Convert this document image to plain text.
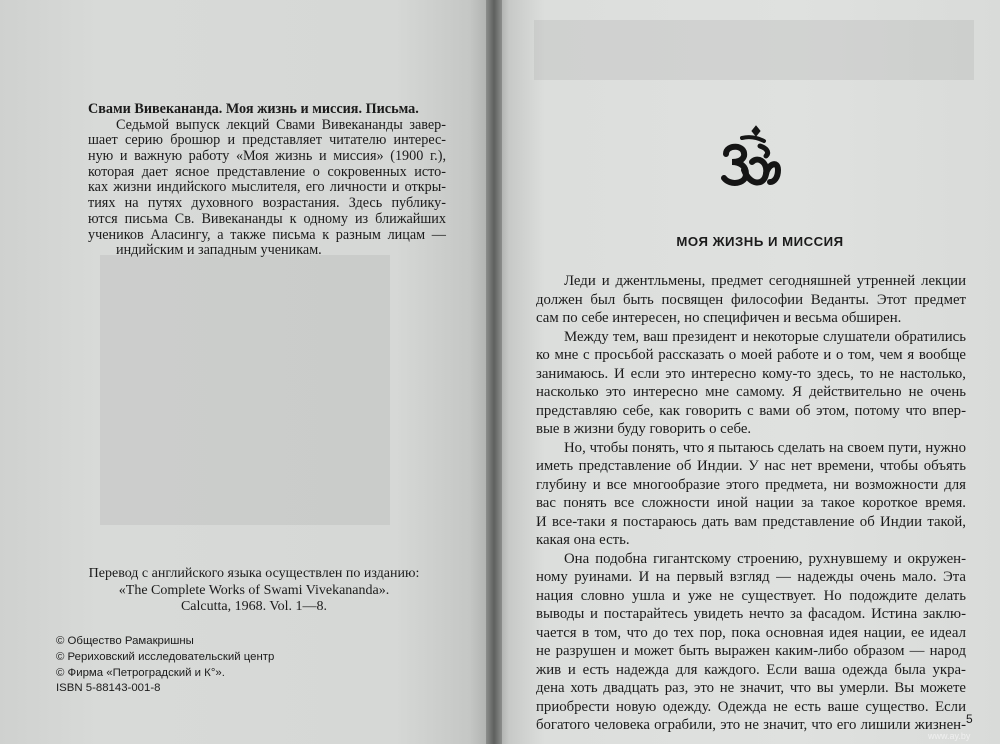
Свами Вивекананда. Моя жизнь и миссия. Письма.
Седьмой выпуск лекций Свами Вивекананды завер-
шает серию брошюр и представляет читателю интерес-
ную и важную работу «Моя жизнь и миссия» (1900 г.),
которая дает ясное представление о сокровенных исто-
ках жизни индийского мыслителя, его личности и откры-
тиях на путях духовного возрастания. Здесь публику-
ются письма Св. Вивекананды к одному из ближайших
учеников Аласингу, а также письма к разным лицам —
индийским и западным ученикам.
Перевод с английского языка осуществлен по изданию:
«The Complete Works of Swami Vivekananda».
Calcutta, 1968. Vol. 1—8.
© Общество Рамакришны
© Рериховский исследовательский центр
© Фирма «Петроградский и К°».
ISBN 5-88143-001-8
МОЯ ЖИЗНЬ И МИССИЯ
Леди и джентльмены, предмет сегодняшней утренней лекции
должен был быть посвящен философии Веданты. Этот предмет
сам по себе интересен, но специфичен и весьма обширен.
Между тем, ваш президент и некоторые слушатели обратились
ко мне с просьбой рассказать о моей работе и о том, чем я вообще
занимаюсь. И если это интересно кому-то здесь, то не настолько,
насколько это интересно мне самому. Я действительно не очень
представляю себе, как говорить с вами об этом, потому что впер-
вые в жизни буду говорить о себе.
Но, чтобы понять, что я пытаюсь сделать на своем пути, нужно
иметь представление об Индии. У нас нет времени, чтобы объять
глубину и все многообразие этого предмета, ни возможности для
вас понять все сложности иной нации за такое короткое время.
И все-таки я постараюсь дать вам представление об Индии такой,
какая она есть.
Она подобна гигантскому строению, рухнувшему и окружен-
ному руинами. И на первый взгляд — надежды очень мало. Эта
нация словно ушла и уже не существует. Но подождите делать
выводы и постарайтесь увидеть нечто за фасадом. Истина заклю-
чается в том, что до тех пор, пока основная идея нации, ее идеал
не разрушен и может быть выражен каким-либо образом — народ
жив и есть надежда для каждого. Если ваша одежда была укра-
дена хоть двадцать раз, это не значит, что вы умерли. Вы можете
приобрести новую одежду. Одежда не есть ваше существо. Если
богатого человека ограбили, это не значит, что его лишили жизнен- 5
www.ay.by
